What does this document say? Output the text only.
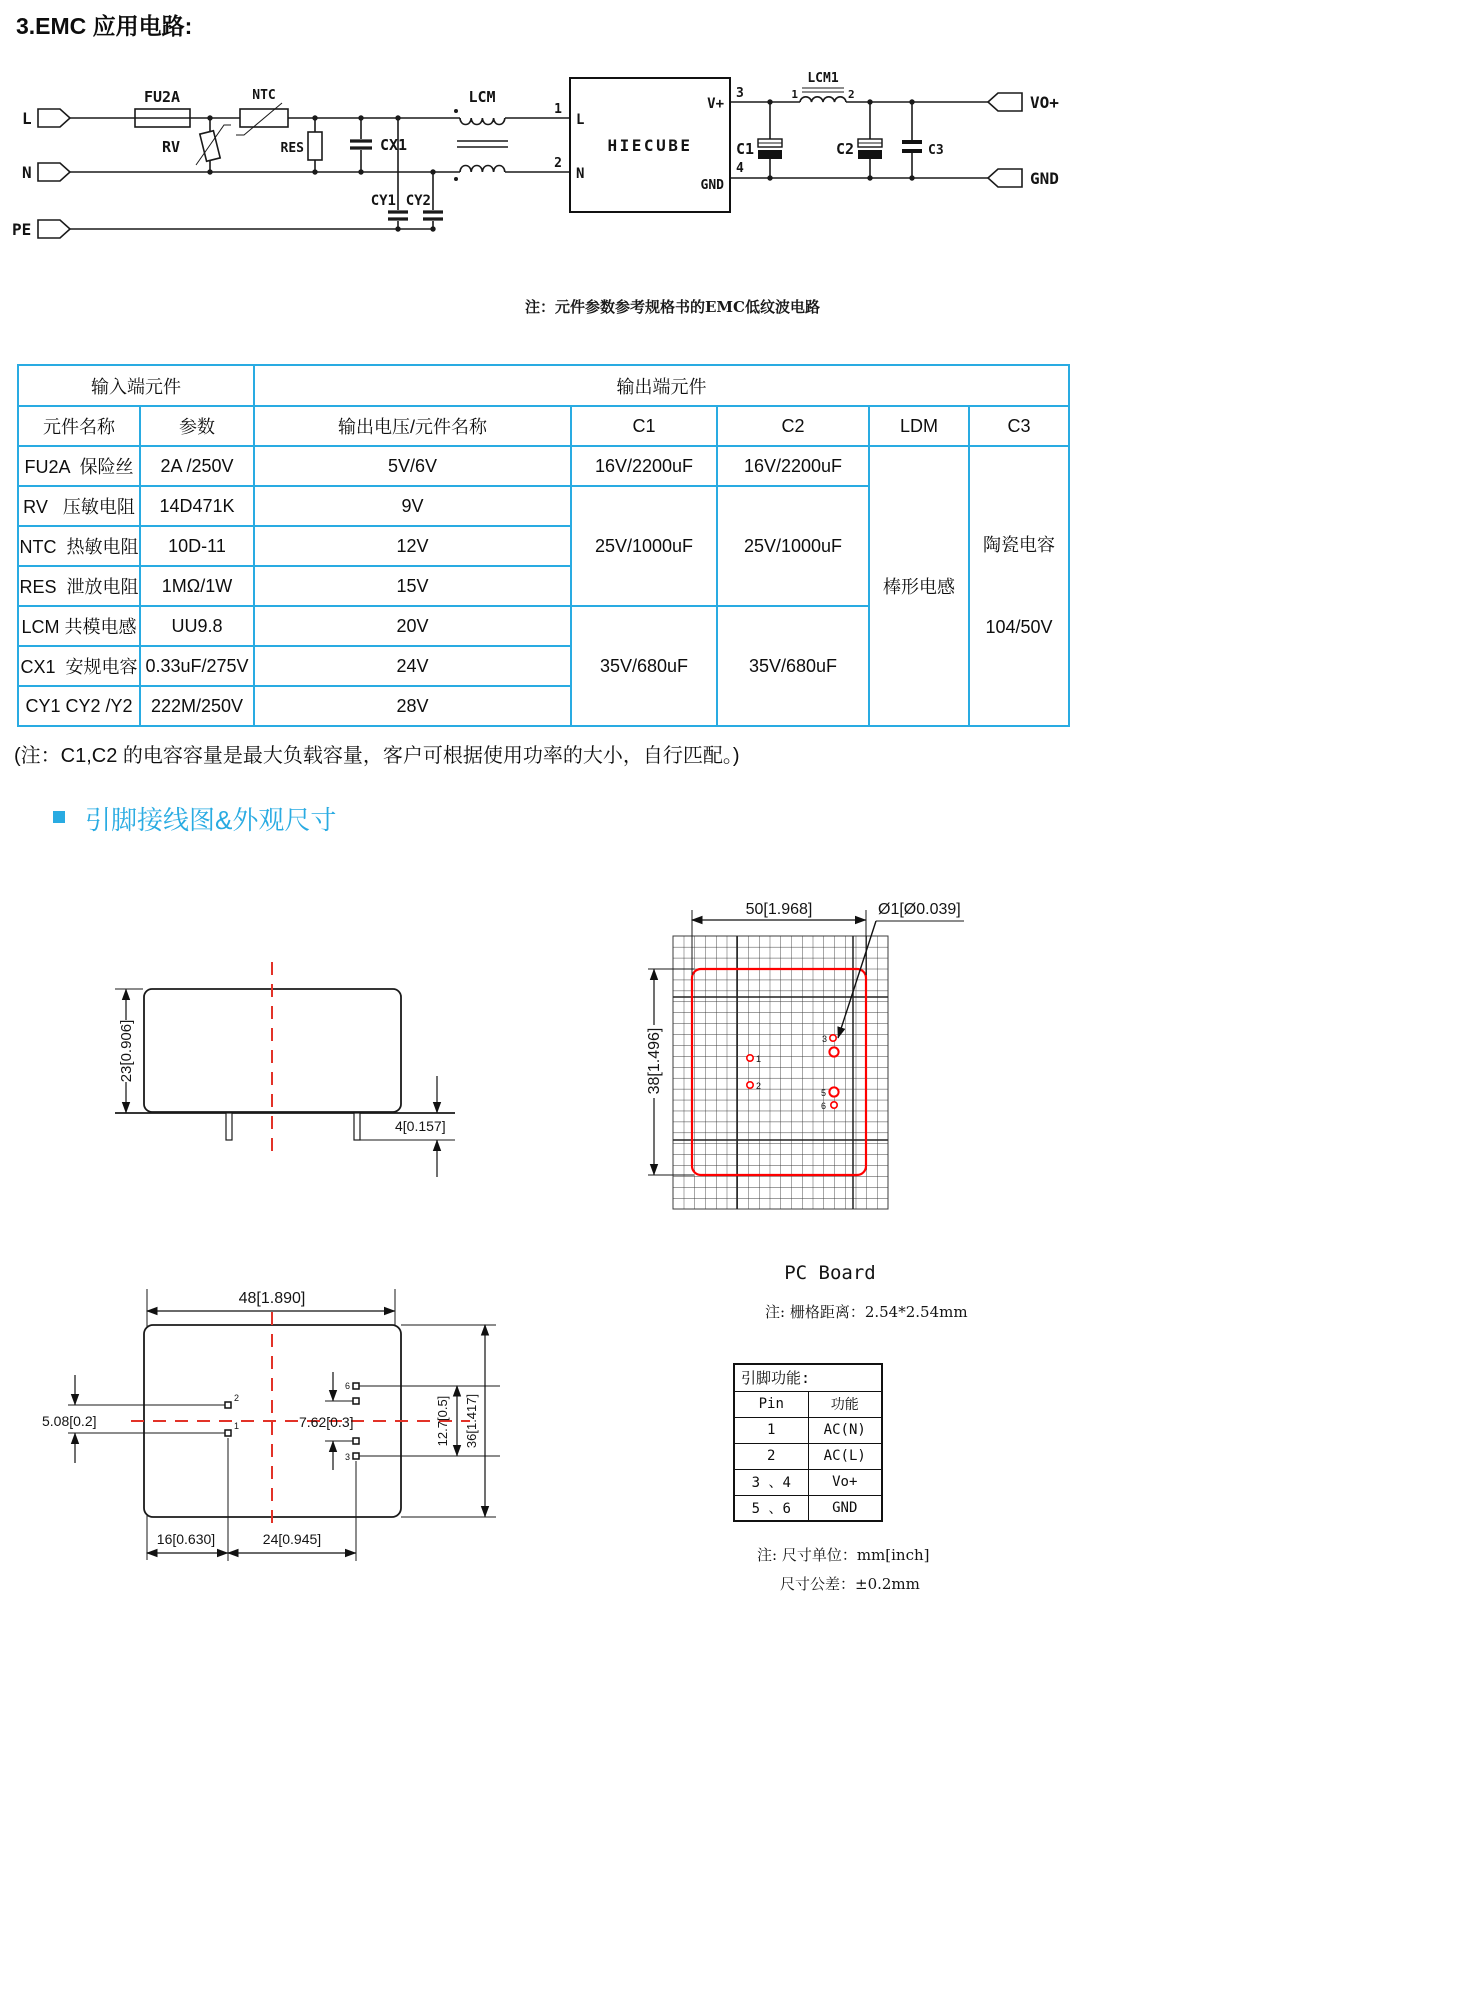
3.EMC 应用电路:
L
N
PE
FU2A
RV
NTC
RES	CX1
CY1 CY2
LCM
1
2
HIECUBE
L
N
V+
GND
3
4
C1
LCM1
1	2
C2	C3
VO+
GND
注：元件参数参考规格书的EMC低纹波电路
输入端元件		输出端元件				
元件名称	参数	输出电压/元件名称	C1	C2	LDM	C3
FU2A  保险丝	2A /250V	5V/6V	16V/2200uF	16V/2200uF	棒形电感	陶瓷电容

104/50V

RV   压敏电阻	14D471K	9V	25V/1000uF	25V/1000uF		
NTC  热敏电阻	10D-11	12V				
RES  泄放电阻	1MΩ/1W	15V				
LCM 共模电感	UU9.8	20V	35V/680uF	35V/680uF		
CX1  安规电容	0.33uF/275V	24V				
CY1 CY2 /Y2	222M/250V	28V				
(注：C1,C2 的电容容量是最大负载容量，客户可根据使用功率的大小，自行匹配。)
引脚接线图&外观尺寸
23[0.906]
4[0.157]
50[1.968]	Ø1[Ø0.039]
38[1.496]	1
2
3
5
6
PC Board
注: 栅格距离：2.54*2.54mm
48[1.890]
2
1
5.08[0.2]
6
3
7.62[0.3]	12.7[0.5] 36[1.417]
16[0.630]	24[0.945]
引脚功能:	
Pin	功能
1	AC(N)
2	AC(L)
3 、4	Vo+
5 、6	GND
注: 尺寸单位：mm[inch]
尺寸公差：±0.2mm
